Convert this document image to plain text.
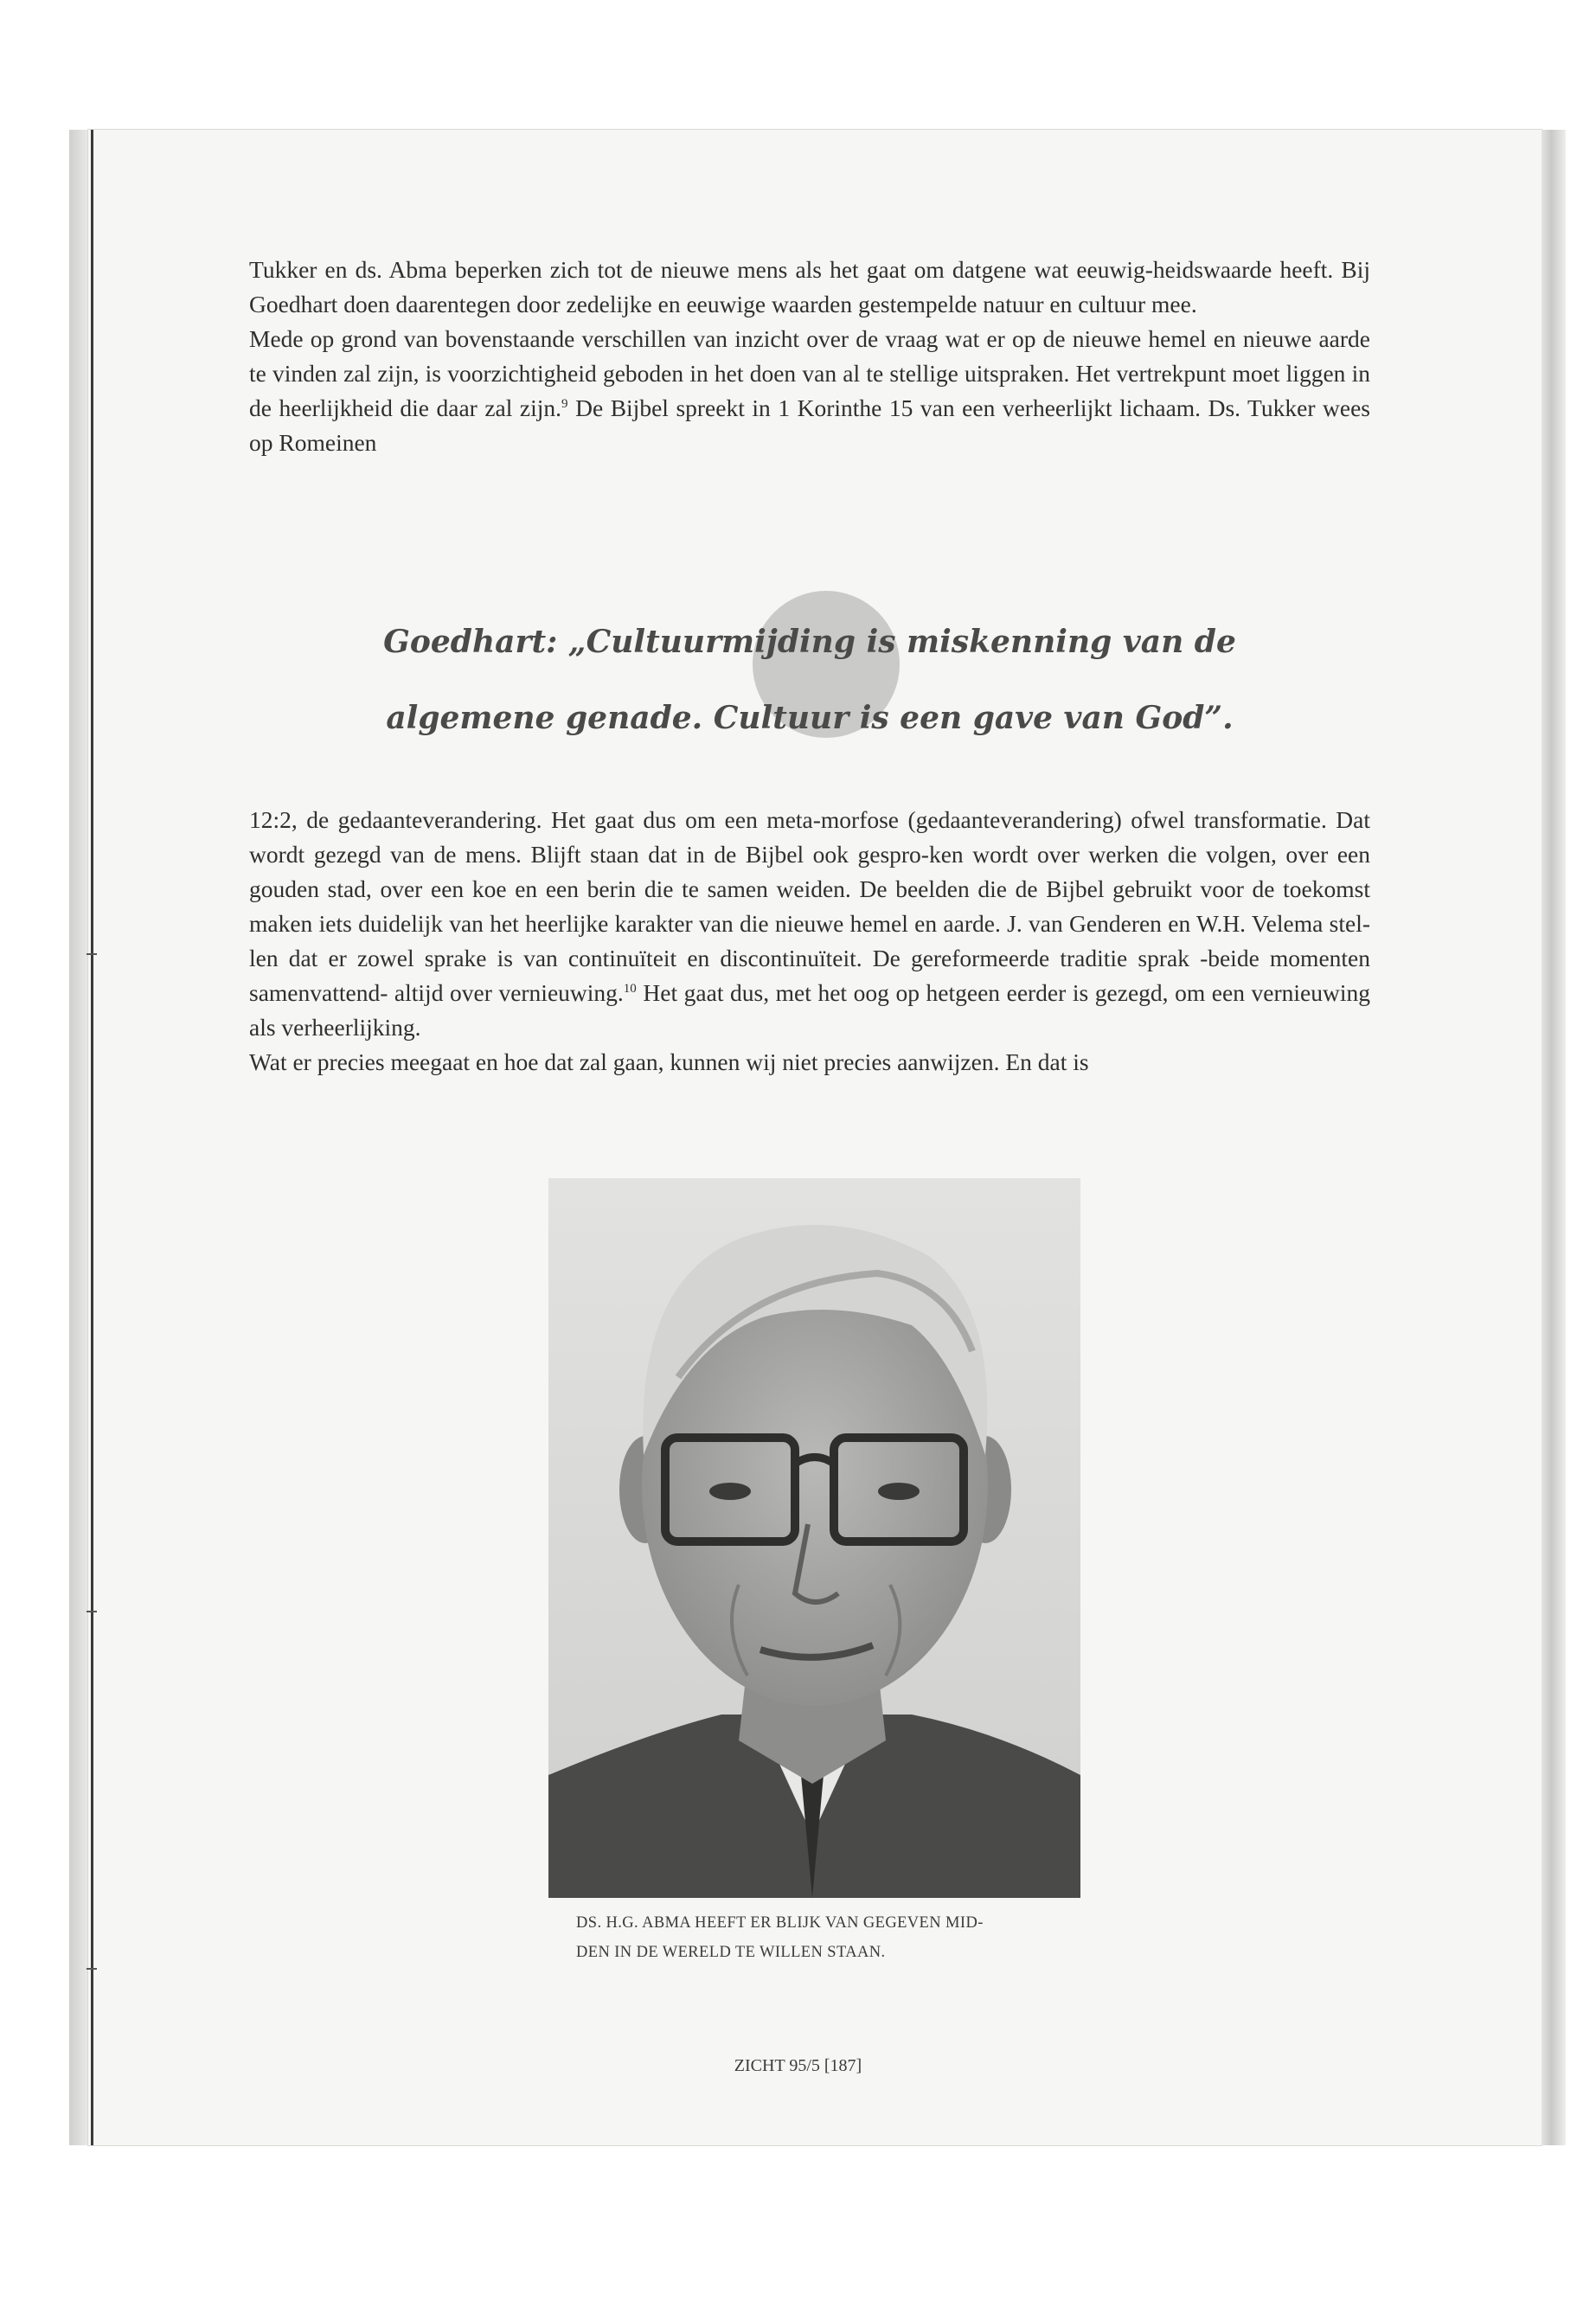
Tukker en ds. Abma beperken zich tot de nieuwe mens als het gaat om datgene wat eeuwig-heidswaarde heeft. Bij Goedhart doen daarentegen door zedelijke en eeuwige waarden gestempelde natuur en cultuur mee.

Mede op grond van bovenstaande verschillen van inzicht over de vraag wat er op de nieuwe hemel en nieuwe aarde te vinden zal zijn, is voorzichtigheid geboden in het doen van al te stellige uitspraken. Het vertrekpunt moet liggen in de heerlijkheid die daar zal zijn.$^9$ De Bijbel spreekt in 1 Korinthe 15 van een verheerlijkt lichaam. Ds. Tukker wees op Romeinen

Goedhart: „Cultuurmijding is miskenning van de

algemene genade. Cultuur is een gave van God”.

12:2, de gedaanteverandering. Het gaat dus om een meta-morfose (gedaanteverandering) ofwel transformatie. Dat wordt gezegd van de mens. Blijft staan dat in de Bijbel ook gespro-ken wordt over werken die volgen, over een gouden stad, over een koe en een berin die te samen weiden. De beelden die de Bijbel gebruikt voor de toekomst maken iets duidelijk van het heerlijke karakter van die nieuwe hemel en aarde. J. van Genderen en W.H. Velema stel-len dat er zowel sprake is van continuïteit en discontinuïteit. De gereformeerde traditie sprak -beide momenten samenvattend- altijd over vernieuwing.$^{10}$ Het gaat dus, met het oog op hetgeen eerder is gezegd, om een vernieuwing als verheerlijking.

Wat er precies meegaat en hoe dat zal gaan, kunnen wij niet precies aanwijzen. En dat is

DS. H.G. ABMA HEEFT ER BLIJK VAN GEGEVEN MID-

DEN IN DE WERELD TE WILLEN STAAN.

ZICHT 95/5 [187]
